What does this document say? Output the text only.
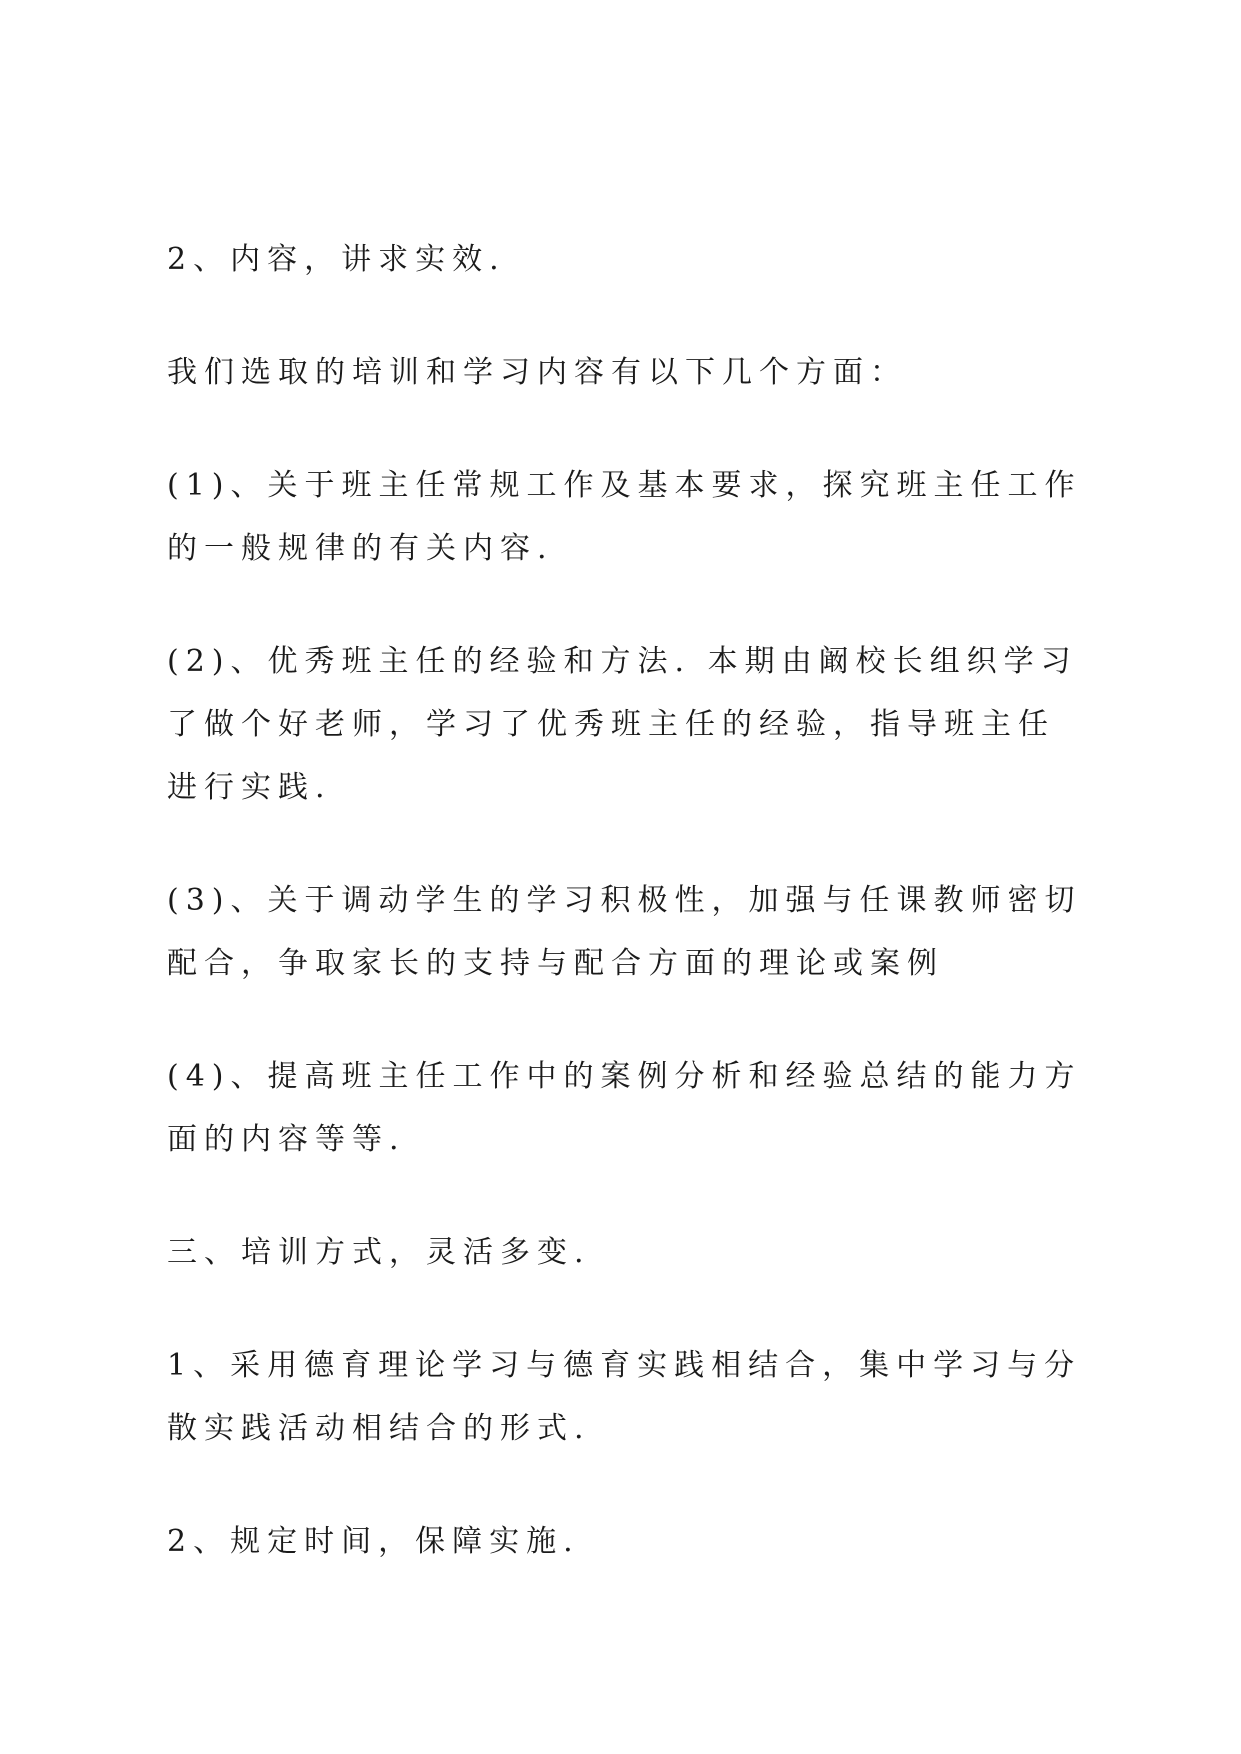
2、内容，讲求实效.

我们选取的培训和学习内容有以下几个方面：

(1)、关于班主任常规工作及基本要求，探究班主任工作的一般规律的有关内容.

(2)、优秀班主任的经验和方法. 本期由阚校长组织学习了做个好老师，学习了优秀班主任的经验，指导班主任进行实践.

(3)、关于调动学生的学习积极性，加强与任课教师密切配合，争取家长的支持与配合方面的理论或案例

(4)、提高班主任工作中的案例分析和经验总结的能力方面的内容等等.

三、培训方式，灵活多变.

1、采用德育理论学习与德育实践相结合，集中学习与分散实践活动相结合的形式.

2、规定时间，保障实施.
